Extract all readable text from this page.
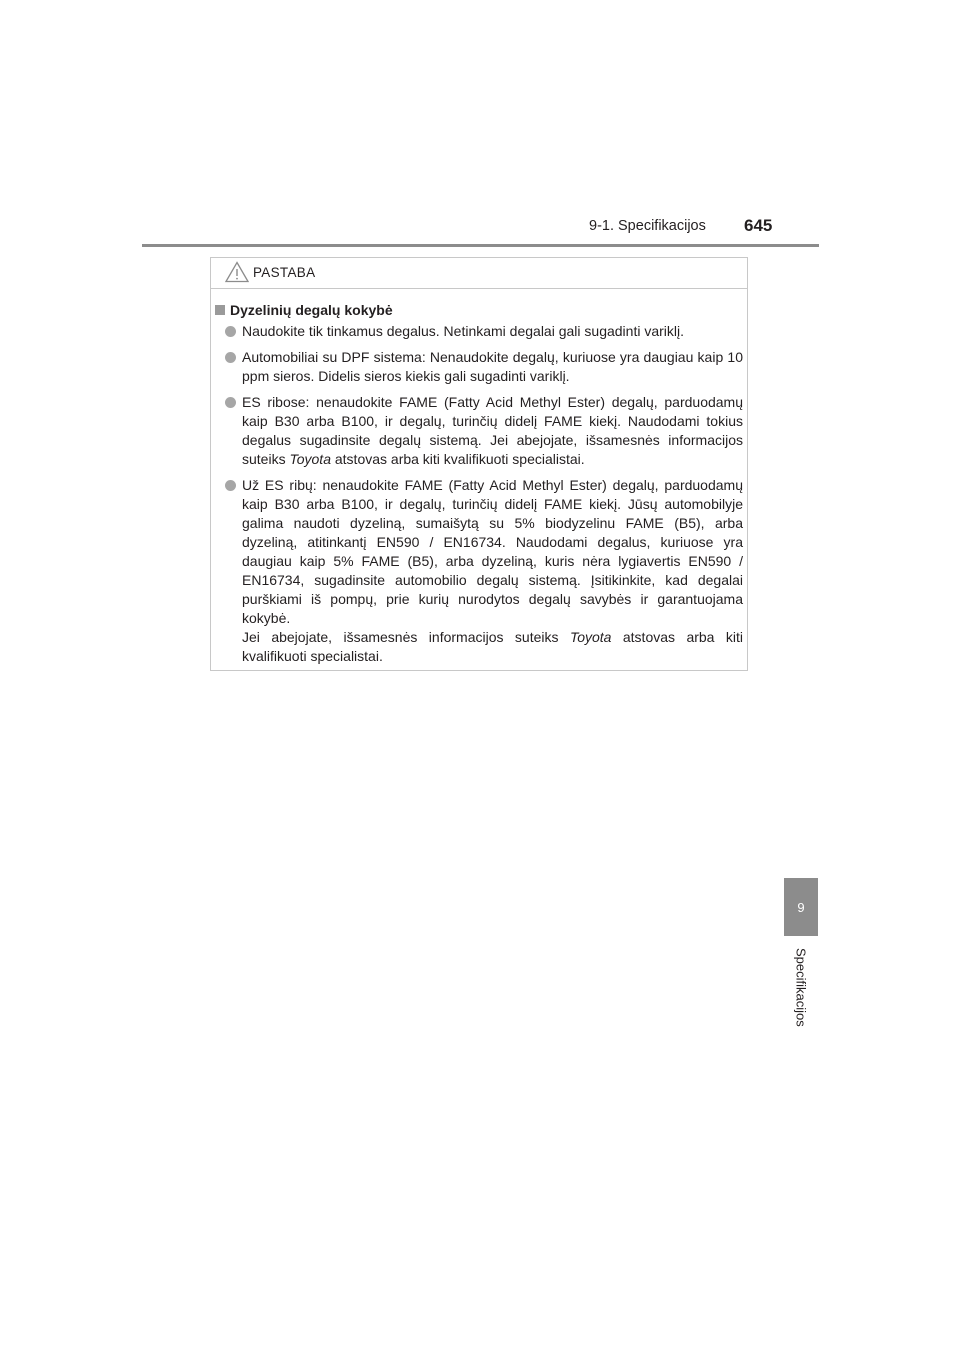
9-1. Specifikacijos 645
PASTABA
Dyzelinių degalų kokybė

Naudokite tik tinkamus degalus. Netinkami degalai gali sugadinti variklį.

Automobiliai su DPF sistema: Nenaudokite degalų, kuriuose yra daugiau kaip 10 ppm sieros. Didelis sieros kiekis gali sugadinti variklį.

ES ribose: nenaudokite FAME (Fatty Acid Methyl Ester) degalų, parduodamų kaip B30 arba B100, ir degalų, turinčių didelį FAME kiekį. Naudodami tokius degalus sugadinsite degalų sistemą. Jei abejojate, išsamesnės informacijos suteiks Toyota atstovas arba kiti kvalifikuoti specialistai.

Už ES ribų: nenaudokite FAME (Fatty Acid Methyl Ester) degalų, parduodamų kaip B30 arba B100, ir degalų, turinčių didelį FAME kiekį. Jūsų automobilyje galima naudoti dyzeliną, sumaišytą su 5% biodyzelinu FAME (B5), arba dyzeliną, atitinkantį EN590 / EN16734. Naudodami degalus, kuriuose yra daugiau kaip 5% FAME (B5), arba dyzeliną, kuris nėra lygiavertis EN590 / EN16734, sugadinsite automobilio degalų sistemą. Įsitikinkite, kad degalai purškiami iš pompų, prie kurių nurodytos degalų savybės ir garantuojama kokybė.

Jei abejojate, išsamesnės informacijos suteiks Toyota atstovas arba kiti kvalifikuoti specialistai.

9
Specifikacijos
